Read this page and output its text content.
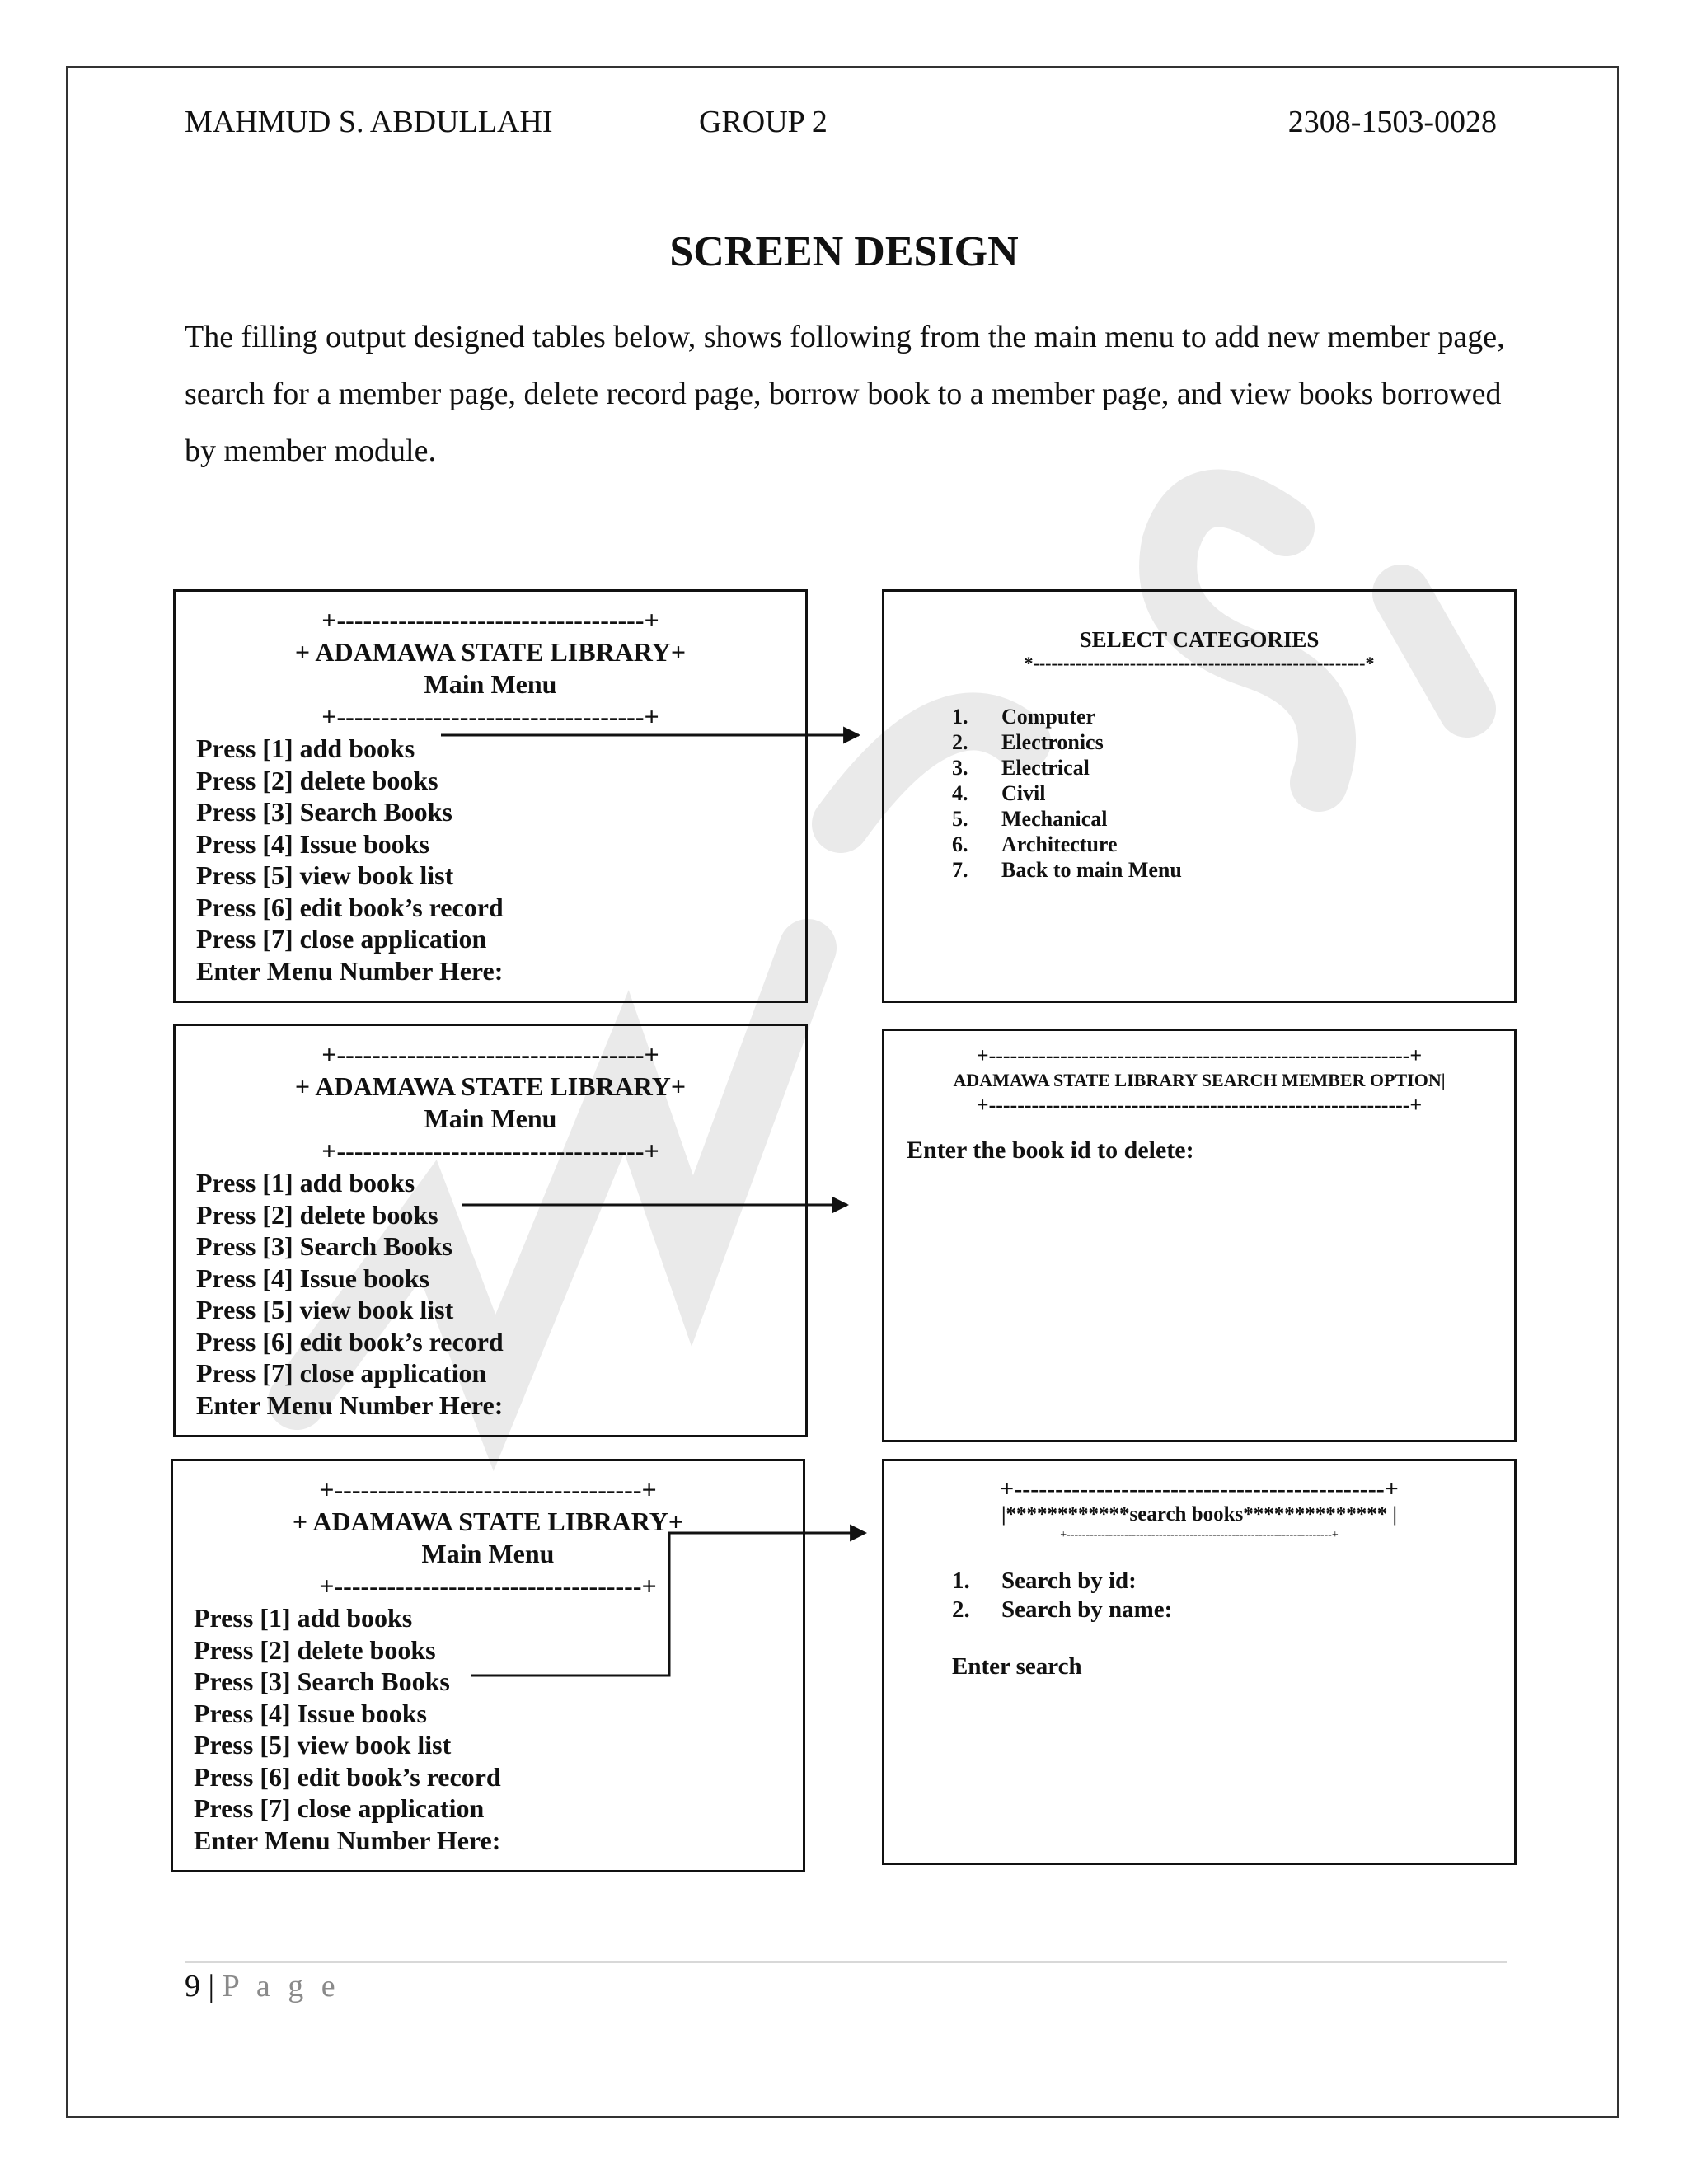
MAHMUD S. ABDULLAHI	GROUP 2	2308-1503-0028
SCREEN DESIGN

The filling output designed tables below, shows following from the main menu to add new member page, search for a member page, delete record page, borrow book to a member page, and view books borrowed by member module.

+-----------------------------------+
+ ADAMAWA STATE LIBRARY+
Main Menu
+-----------------------------------+
Press [1] add books
Press [2] delete books
Press [3] Search Books
Press [4] Issue books
Press [5] view book list
Press [6] edit book’s record
Press [7] close application
Enter Menu Number Here:
SELECT CATEGORIES
*-------------------------------------------------------*
1. Computer
2. Electronics
3. Electrical
4. Civil
5. Mechanical
6. Architecture
7. Back to main Menu
+-----------------------------------+
+ ADAMAWA STATE LIBRARY+
Main Menu
+-----------------------------------+
Press [1] add books
Press [2] delete books
Press [3] Search Books
Press [4] Issue books
Press [5] view book list
Press [6] edit book’s record
Press [7] close application
Enter Menu Number Here:
+-----------------------------------------------------------+
ADAMAWA STATE LIBRARY SEARCH MEMBER OPTION|
+-----------------------------------------------------------+
Enter the book id to delete:
+-----------------------------------+
+ ADAMAWA STATE LIBRARY+
Main Menu
+-----------------------------------+
Press [1] add books
Press [2] delete books
Press [3] Search Books
Press [4] Issue books
Press [5] view book list
Press [6] edit book’s record
Press [7] close application
Enter Menu Number Here:
+---------------------------------------------+
|************search books************** |
+---------------------------------------------------------------------+
1. Search by id:
2. Search by name:
Enter search
9 | P a g e
